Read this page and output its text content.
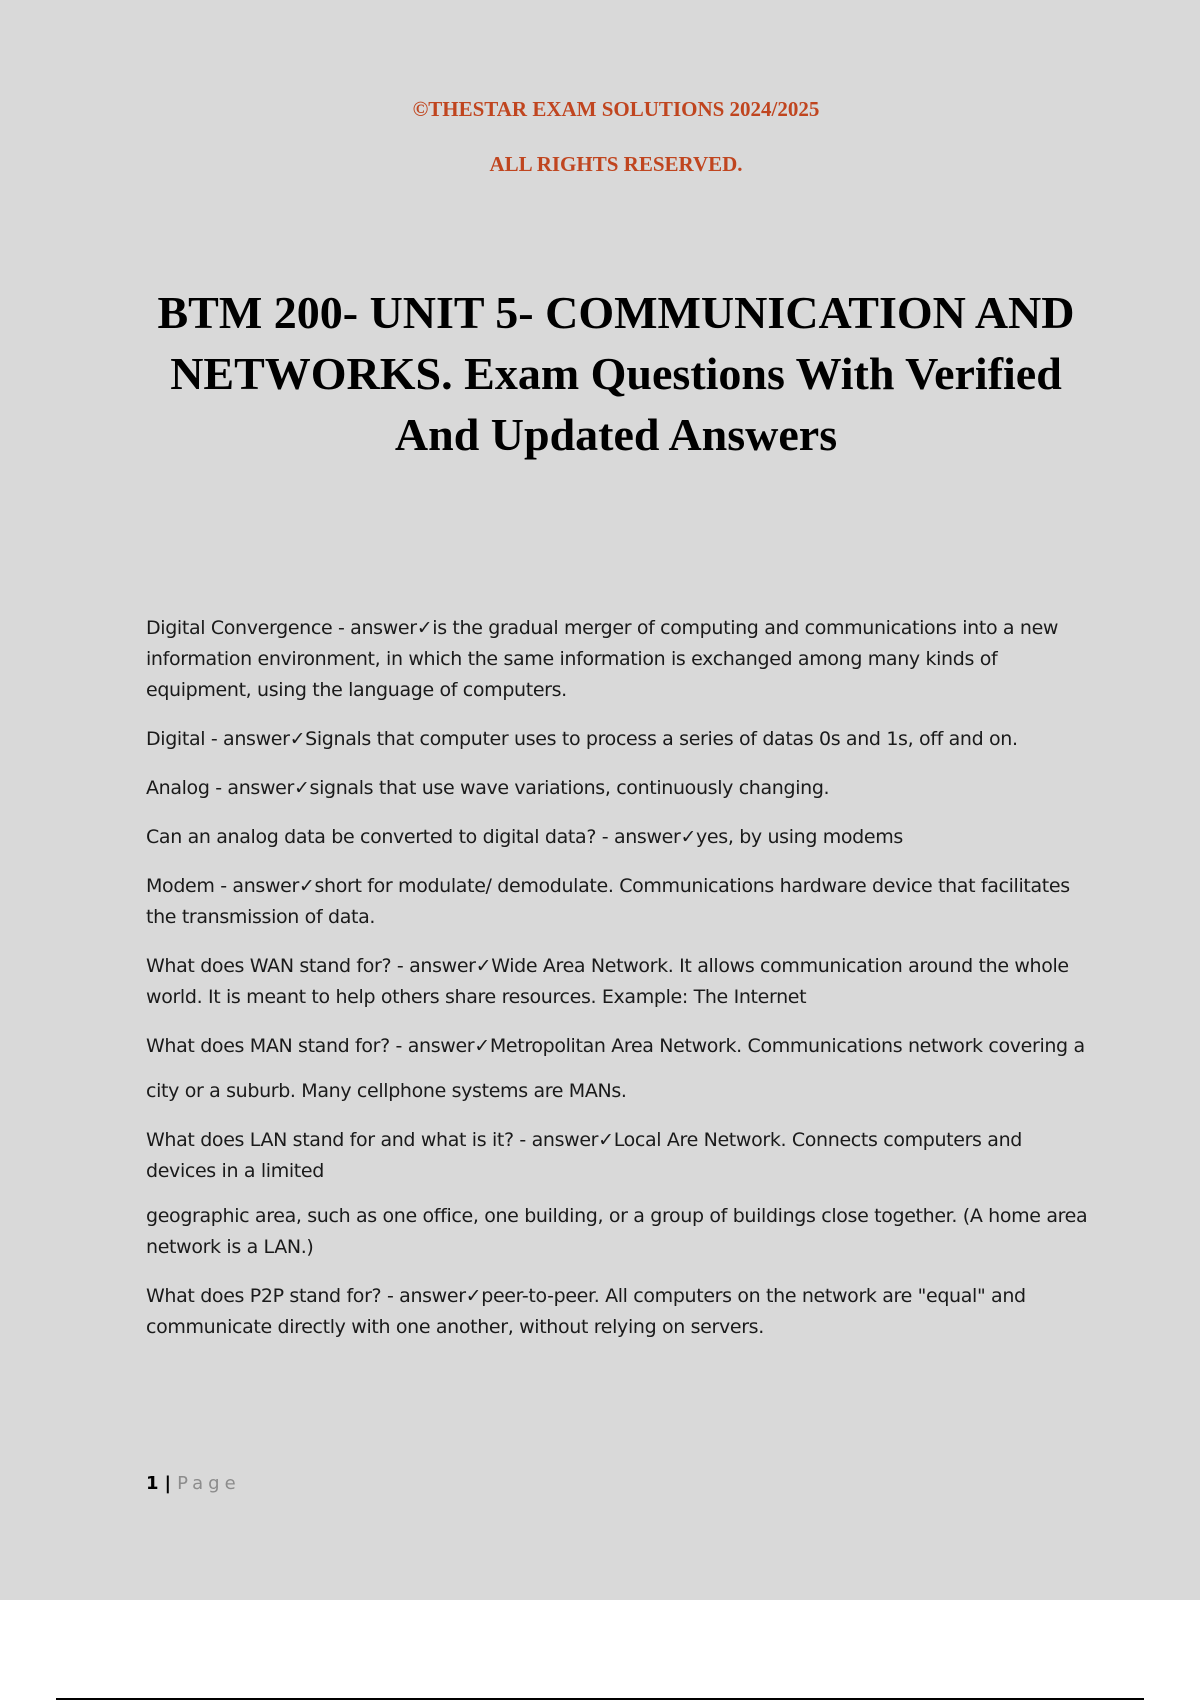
©THESTAR EXAM SOLUTIONS 2024/2025

ALL RIGHTS RESERVED.

BTM 200- UNIT 5- COMMUNICATION AND NETWORKS. Exam Questions With Verified And Updated Answers

Digital Convergence - answer✓is the gradual merger of computing and communications into a new information environment, in which the same information is exchanged among many kinds of equipment, using the language of computers.

Digital - answer✓Signals that computer uses to process a series of datas 0s and 1s, off and on.

Analog - answer✓signals that use wave variations, continuously changing.

Can an analog data be converted to digital data? - answer✓yes, by using modems

Modem - answer✓short for modulate/ demodulate. Communications hardware device that facilitates the transmission of data.

What does WAN stand for? - answer✓Wide Area Network. It allows communication around the whole world. It is meant to help others share resources. Example: The Internet

What does MAN stand for? - answer✓Metropolitan Area Network. Communications network covering a

city or a suburb. Many cellphone systems are MANs.

What does LAN stand for and what is it? - answer✓Local Are Network. Connects computers and devices in a limited

geographic area, such as one office, one building, or a group of buildings close together. (A home area network is a LAN.)

What does P2P stand for? - answer✓peer-to-peer. All computers on the network are "equal" and communicate directly with one another, without relying on servers.

1 | Page
